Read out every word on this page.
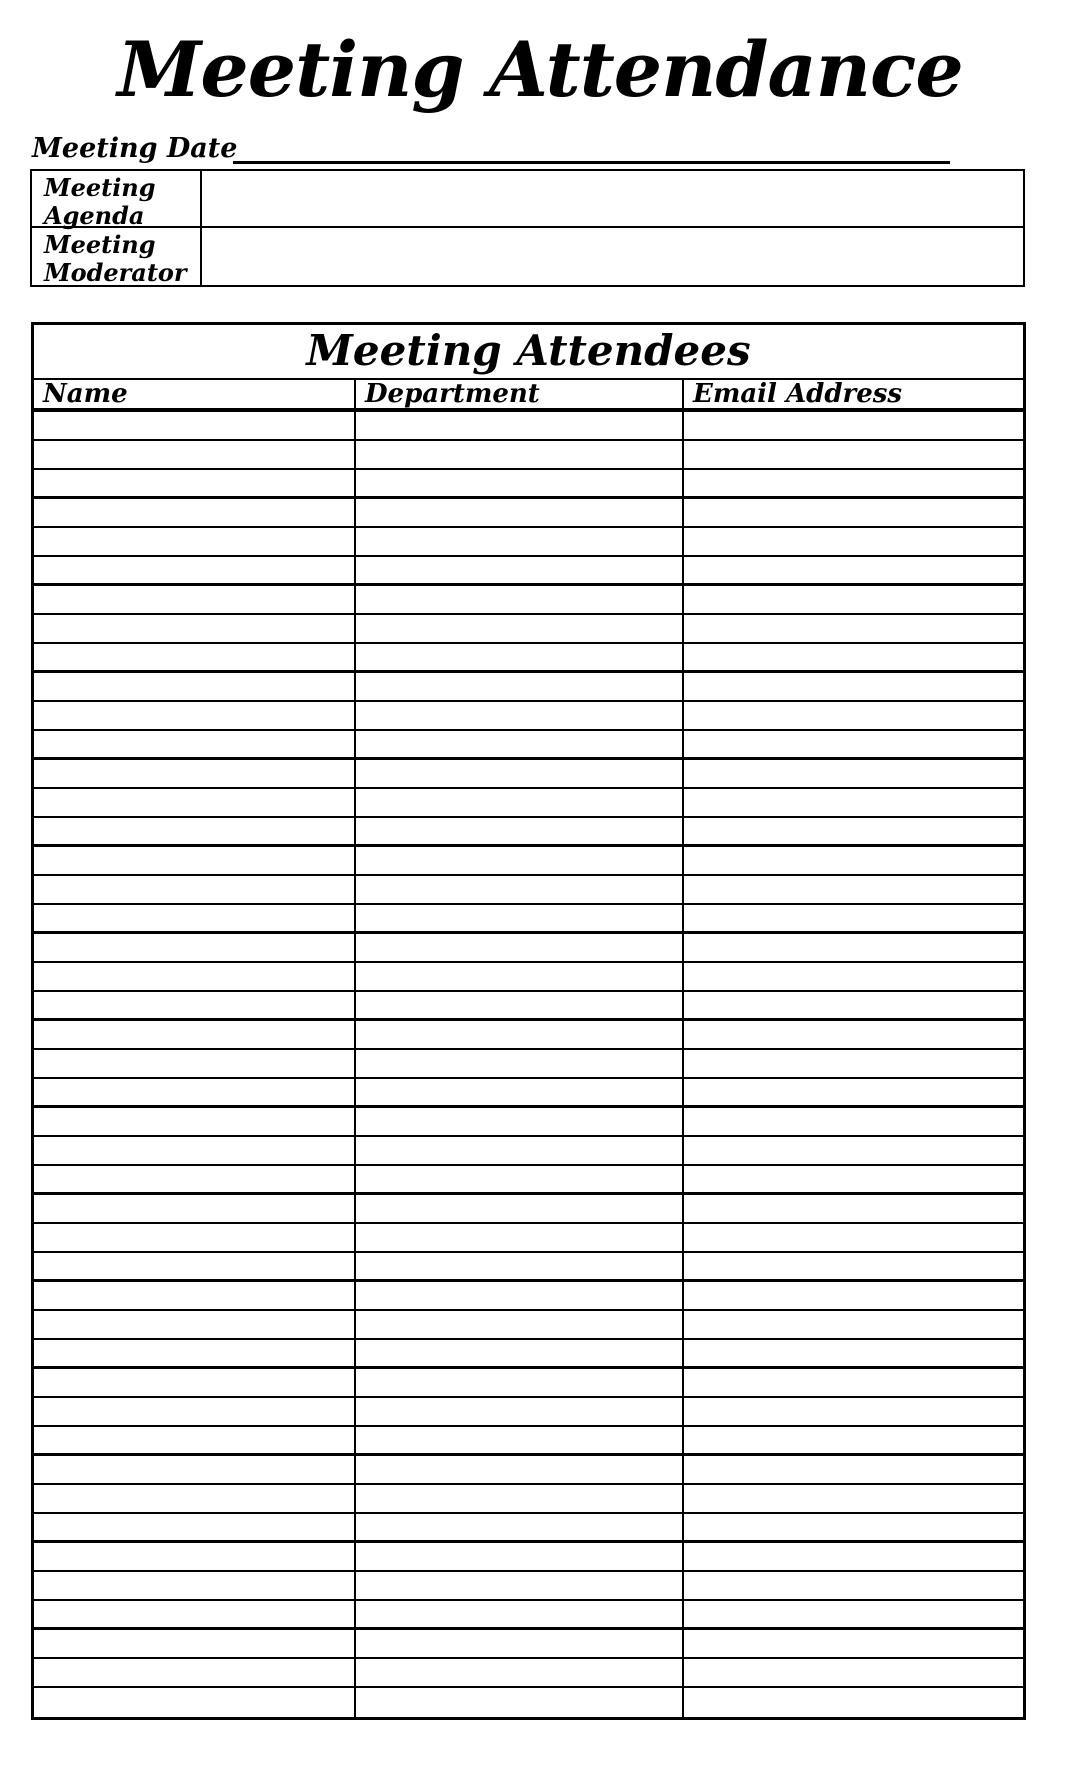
Meeting Attendance
Meeting Date
Meeting Agenda
Meeting Moderator
Meeting Attendees
Name	Department	Email Address
